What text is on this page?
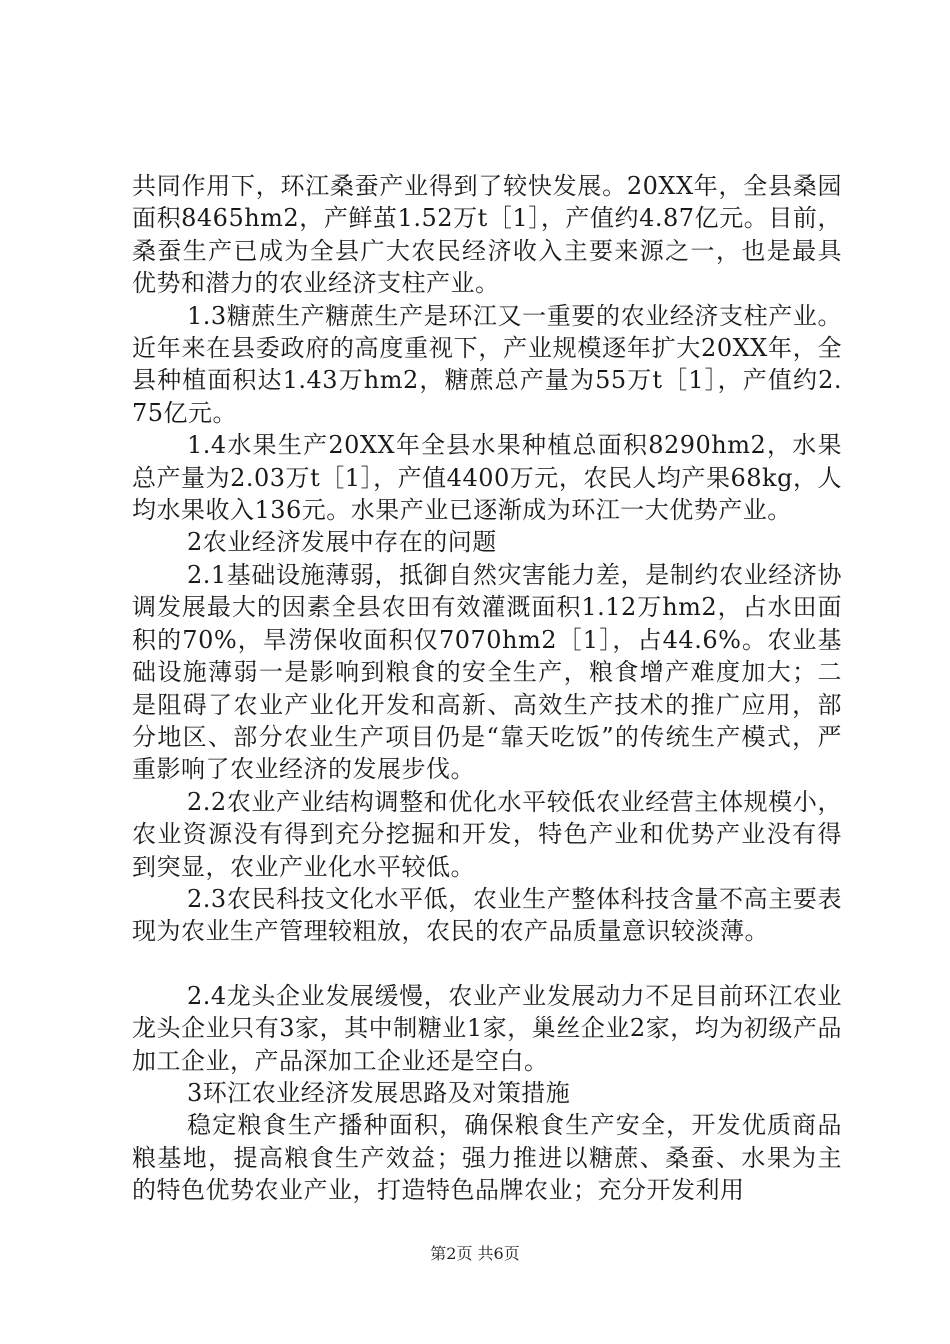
共同作用下，环江桑蚕产业得到了较快发展。20XX年，全县桑园面积8465hm2，产鲜茧1.52万t［1］，产值约4.87亿元。目前，桑蚕生产已成为全县广大农民经济收入主要来源之一，也是最具优势和潜力的农业经济支柱产业。

1.3糖蔗生产糖蔗生产是环江又一重要的农业经济支柱产业。近年来在县委政府的高度重视下，产业规模逐年扩大20XX年，全县种植面积达1.43万hm2，糖蔗总产量为55万t［1］，产值约2.75亿元。

1.4水果生产20XX年全县水果种植总面积8290hm2，水果总产量为2.03万t［1］，产值4400万元，农民人均产果68kg，人均水果收入136元。水果产业已逐渐成为环江一大优势产业。

2农业经济发展中存在的问题

2.1基础设施薄弱，抵御自然灾害能力差，是制约农业经济协调发展最大的因素全县农田有效灌溉面积1.12万hm2，占水田面积的70%，旱涝保收面积仅7070hm2［1］，占44.6%。农业基础设施薄弱一是影响到粮食的安全生产，粮食增产难度加大；二是阻碍了农业产业化开发和高新、高效生产技术的推广应用，部分地区、部分农业生产项目仍是“靠天吃饭”的传统生产模式，严重影响了农业经济的发展步伐。

2.2农业产业结构调整和优化水平较低农业经营主体规模小，农业资源没有得到充分挖掘和开发，特色产业和优势产业没有得到突显，农业产业化水平较低。

2.3农民科技文化水平低，农业生产整体科技含量不高主要表现为农业生产管理较粗放，农民的农产品质量意识较淡薄。

2.4龙头企业发展缓慢，农业产业发展动力不足目前环江农业龙头企业只有3家，其中制糖业1家，巢丝企业2家，均为初级产品加工企业，产品深加工企业还是空白。

3环江农业经济发展思路及对策措施

稳定粮食生产播种面积，确保粮食生产安全，开发优质商品粮基地，提高粮食生产效益；强力推进以糖蔗、桑蚕、水果为主的特色优势农业产业，打造特色品牌农业；充分开发利用

第2页 共6页
